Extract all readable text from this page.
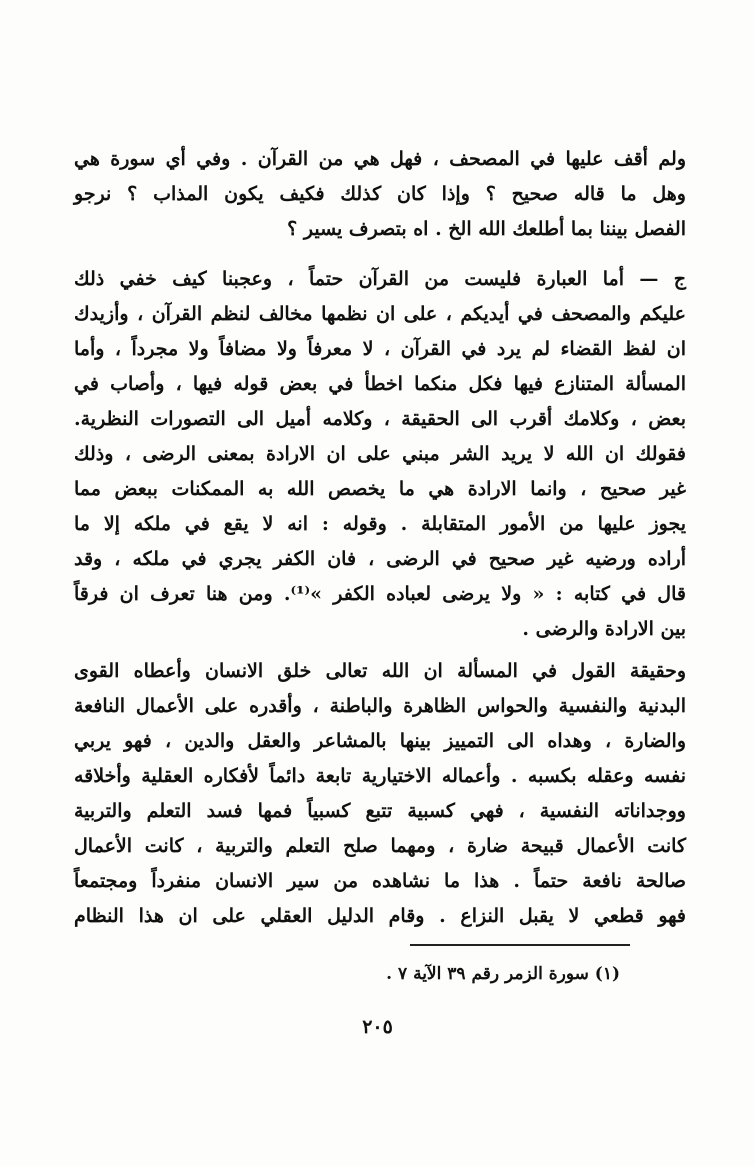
ولم أقف عليها في المصحف ، فهل هي من القرآن . وفي أي سورة هي
وهل ما قاله صحيح ؟ وإذا كان كذلك فكيف يكون المذاب ؟ نرجو
الفصل بيننا بما أطلعك الله الخ . اه بتصرف يسير ؟
ج — أما العبارة فليست من القرآن حتماً ، وعجبنا كيف خفي ذلك
عليكم والمصحف في أيديكم ، على ان نظمها مخالف لنظم القرآن ، وأزيدك
ان لفظ القضاء لم يرد في القرآن ، لا معرفاً ولا مضافاً ولا مجرداً ، وأما
المسألة المتنازع فيها فكل منكما اخطأ في بعض قوله فيها ، وأصاب في
بعض ، وكلامك أقرب الى الحقيقة ، وكلامه أميل الى التصورات النظرية.
فقولك ان الله لا يريد الشر مبني على ان الارادة بمعنى الرضى ، وذلك
غير صحيح ، وانما الارادة هي ما يخصص الله به الممكنات ببعض مما
يجوز عليها من الأمور المتقابلة . وقوله : انه لا يقع في ملكه إلا ما
أراده ورضيه غير صحيح في الرضى ، فان الكفر يجري في ملكه ، وقد
قال في كتابه : « ولا يرضى لعباده الكفر »⁽¹⁾. ومن هنا تعرف ان فرقاً
بين الارادة والرضى .
وحقيقة القول في المسألة ان الله تعالى خلق الانسان وأعطاه القوى
البدنية والنفسية والحواس الظاهرة والباطنة ، وأقدره على الأعمال النافعة
والضارة ، وهداه الى التمييز بينها بالمشاعر والعقل والدين ، فهو يربي
نفسه وعقله بكسبه . وأعماله الاختيارية تابعة دائماً لأفكاره العقلية وأخلاقه
ووجداناته النفسية ، فهي كسبية تتبع كسبياً فمها فسد التعلم والتربية
كانت الأعمال قبيحة ضارة ، ومهما صلح التعلم والتربية ، كانت الأعمال
صالحة نافعة حتماً . هذا ما نشاهده من سير الانسان منفرداً ومجتمعاً
فهو قطعي لا يقبل النزاع . وقام الدليل العقلي على ان هذا النظام
(١) سورة الزمر رقم ٣٩ الآية ٧ .
٢٠٥
